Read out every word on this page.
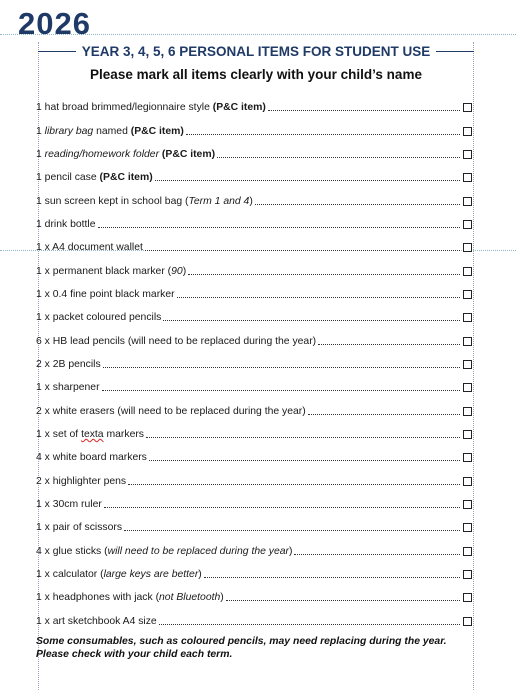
2026
YEAR 3, 4, 5, 6 PERSONAL ITEMS FOR STUDENT USE
Please mark all items clearly with your child’s name
1 hat broad brimmed/legionnaire style (P&C item)
1 library bag named (P&C item)
1 reading/homework folder (P&C item)
1 pencil case (P&C item)
1 sun screen kept in school bag (Term 1 and 4)
1 drink bottle
1 x A4 document wallet
1 x permanent black marker (90)
1 x 0.4 fine point black marker
1 x packet coloured pencils
6 x HB lead pencils (will need to be replaced during the year)
2 x 2B pencils
1 x sharpener
2 x white erasers (will need to be replaced during the year)
1 x set of texta markers
4 x white board markers
2 x highlighter pens
1 x 30cm ruler
1 x pair of scissors
4 x glue sticks (will need to be replaced during the year)
1 x calculator (large keys are better)
1 x headphones with jack (not Bluetooth)
1 x art sketchbook A4 size
Some consumables, such as coloured pencils, may need replacing during the year. Please check with your child each term.
